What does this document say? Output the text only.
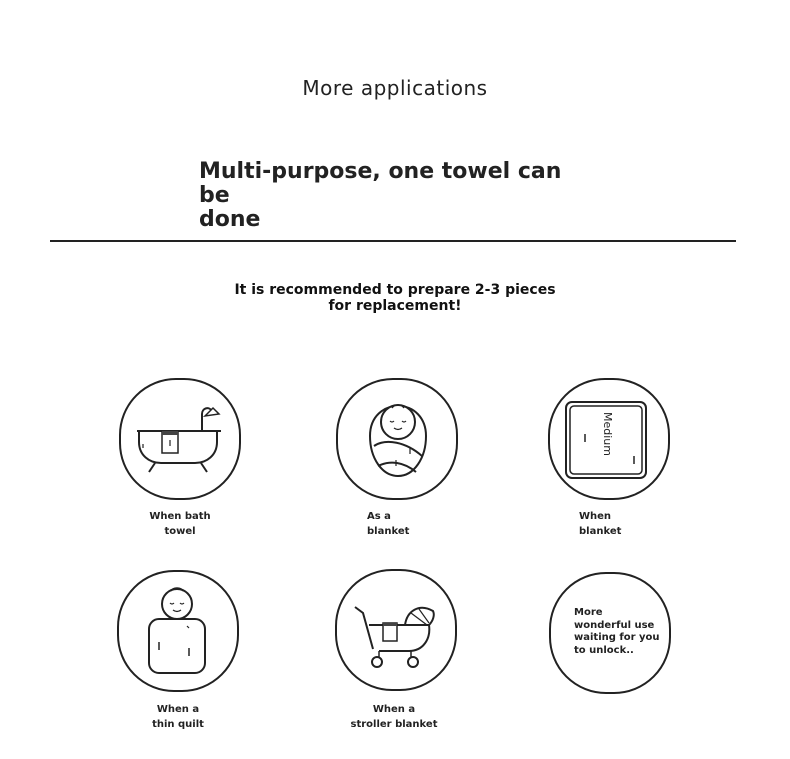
More applications
Multi-purpose, one towel can be
done
It is recommended to prepare 2-3 pieces
for replacement!
When bath
towel
As a
blanket
Medium
When
blanket
When a
thin quilt
When a
stroller blanket
More
wonderful use
waiting for you
to unlock..
